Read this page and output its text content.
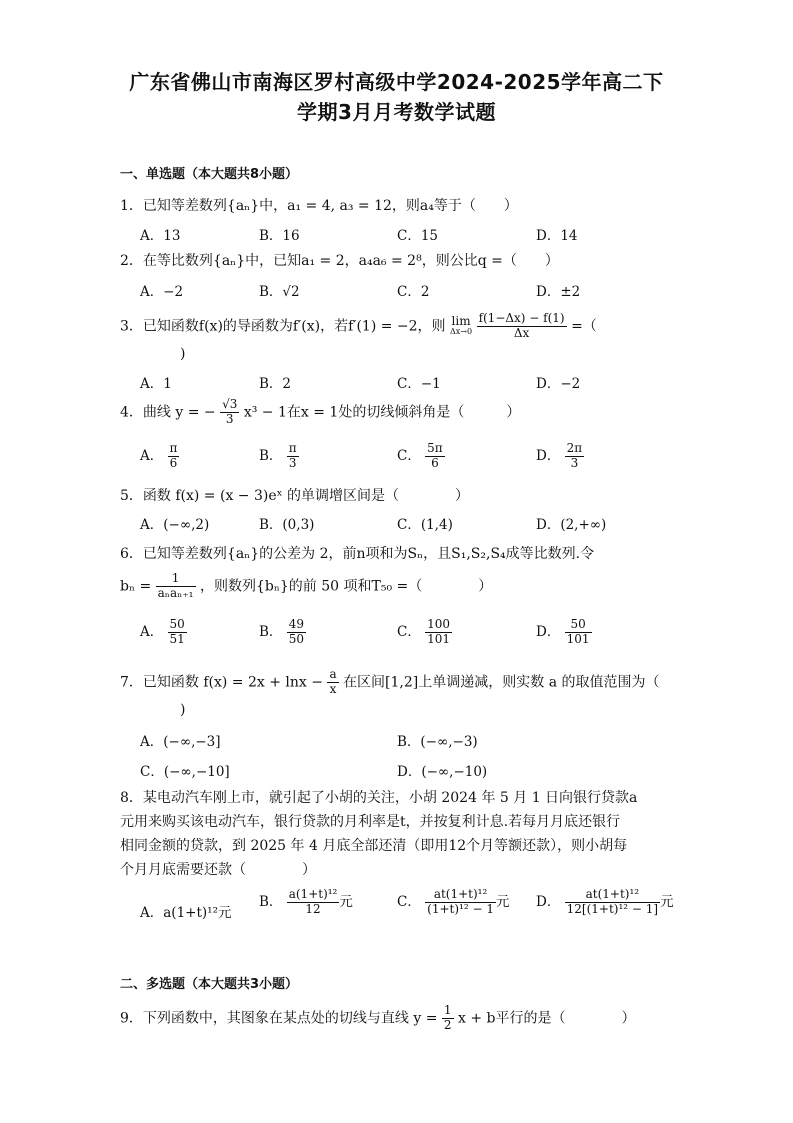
广东省佛山市南海区罗村高级中学2024-2025学年高二下
学期3月月考数学试题
一、单选题（本大题共8小题）
1．已知等差数列{aₙ}中，a₁ = 4, a₃ = 12，则a₄等于（　　）
A．13	B．16	C．15	D．14
2．在等比数列{aₙ}中，已知a₁ = 2，a₄a₆ = 2⁸，则公比q =（　　）
A．−2	B．√2	C．2	D．±2
3．已知函数f(x)的导函数为f′(x)，若f′(1) = −2，则 lim
Δx→0
$\frac{f(1-\Delta x) - f(1)}{\Delta x}$ =（
)
A．1	B．2	C．−1	D．−2
4．曲线 y = − $\frac{√3}{3} x^3 - 1$在x = 1处的切线倾斜角是（　　　）
A． $\frac{\pi}{6}$	B． $\frac{\pi}{3}$	C． $\frac{5\pi}{6}$	D． $\frac{2\pi}{3}$
5．函数 f(x) = (x − 3)eˣ 的单调增区间是（　　　　）
A．(−∞,2)	B．(0,3)	C．(1,4)	D．(2,+∞)
6．已知等差数列{aₙ}的公差为 2，前n项和为Sₙ，且S₁,S₂,S₄成等比数列.令
$b_n = \frac{1}{\text{aₙaₙ₊₁}}$ ，则数列{bₙ}的前 50 项和T₅₀ =（　　　　）
A． $\frac{50}{51}$	B． $\frac{49}{50}$	C． $\frac{100}{101}$	D． $\frac{50}{101}$
7．已知函数 $f(x) = 2x + \ln x - \frac{a}{x}$ 在区间[1,2]上单调递减，则实数 a 的取值范围为（
)
A．(−∞,−3]	B．(−∞,−3)
C．(−∞,−10]	D．(−∞,−10)
8．某电动汽车刚上市，就引起了小胡的关注，小胡 2024 年 5 月 1 日向银行贷款a
元用来购买该电动汽车，银行贷款的月利率是t，并按复利计息.若每月月底还银行
相同金额的贷款，到 2025 年 4 月底全部还清（即用12个月等额还款），则小胡每
个月月底需要还款（　　　　）
A．a(1+t)¹²元
B． $\frac{\text{a(1+t)¹²}}{12}$ 元	C． $\frac{\text{at(1+t)¹²}}{\text{(1+t)¹² − 1}}$ 元 D． $\frac{\text{at(1+t)¹²}}{\text{12[(1+t)¹² − 1]}}$ 元
二、多选题（本大题共3小题）
9．下列函数中，其图象在某点处的切线与直线 $y = \frac{1}{2}$ x + b平行的是（　　　　）
